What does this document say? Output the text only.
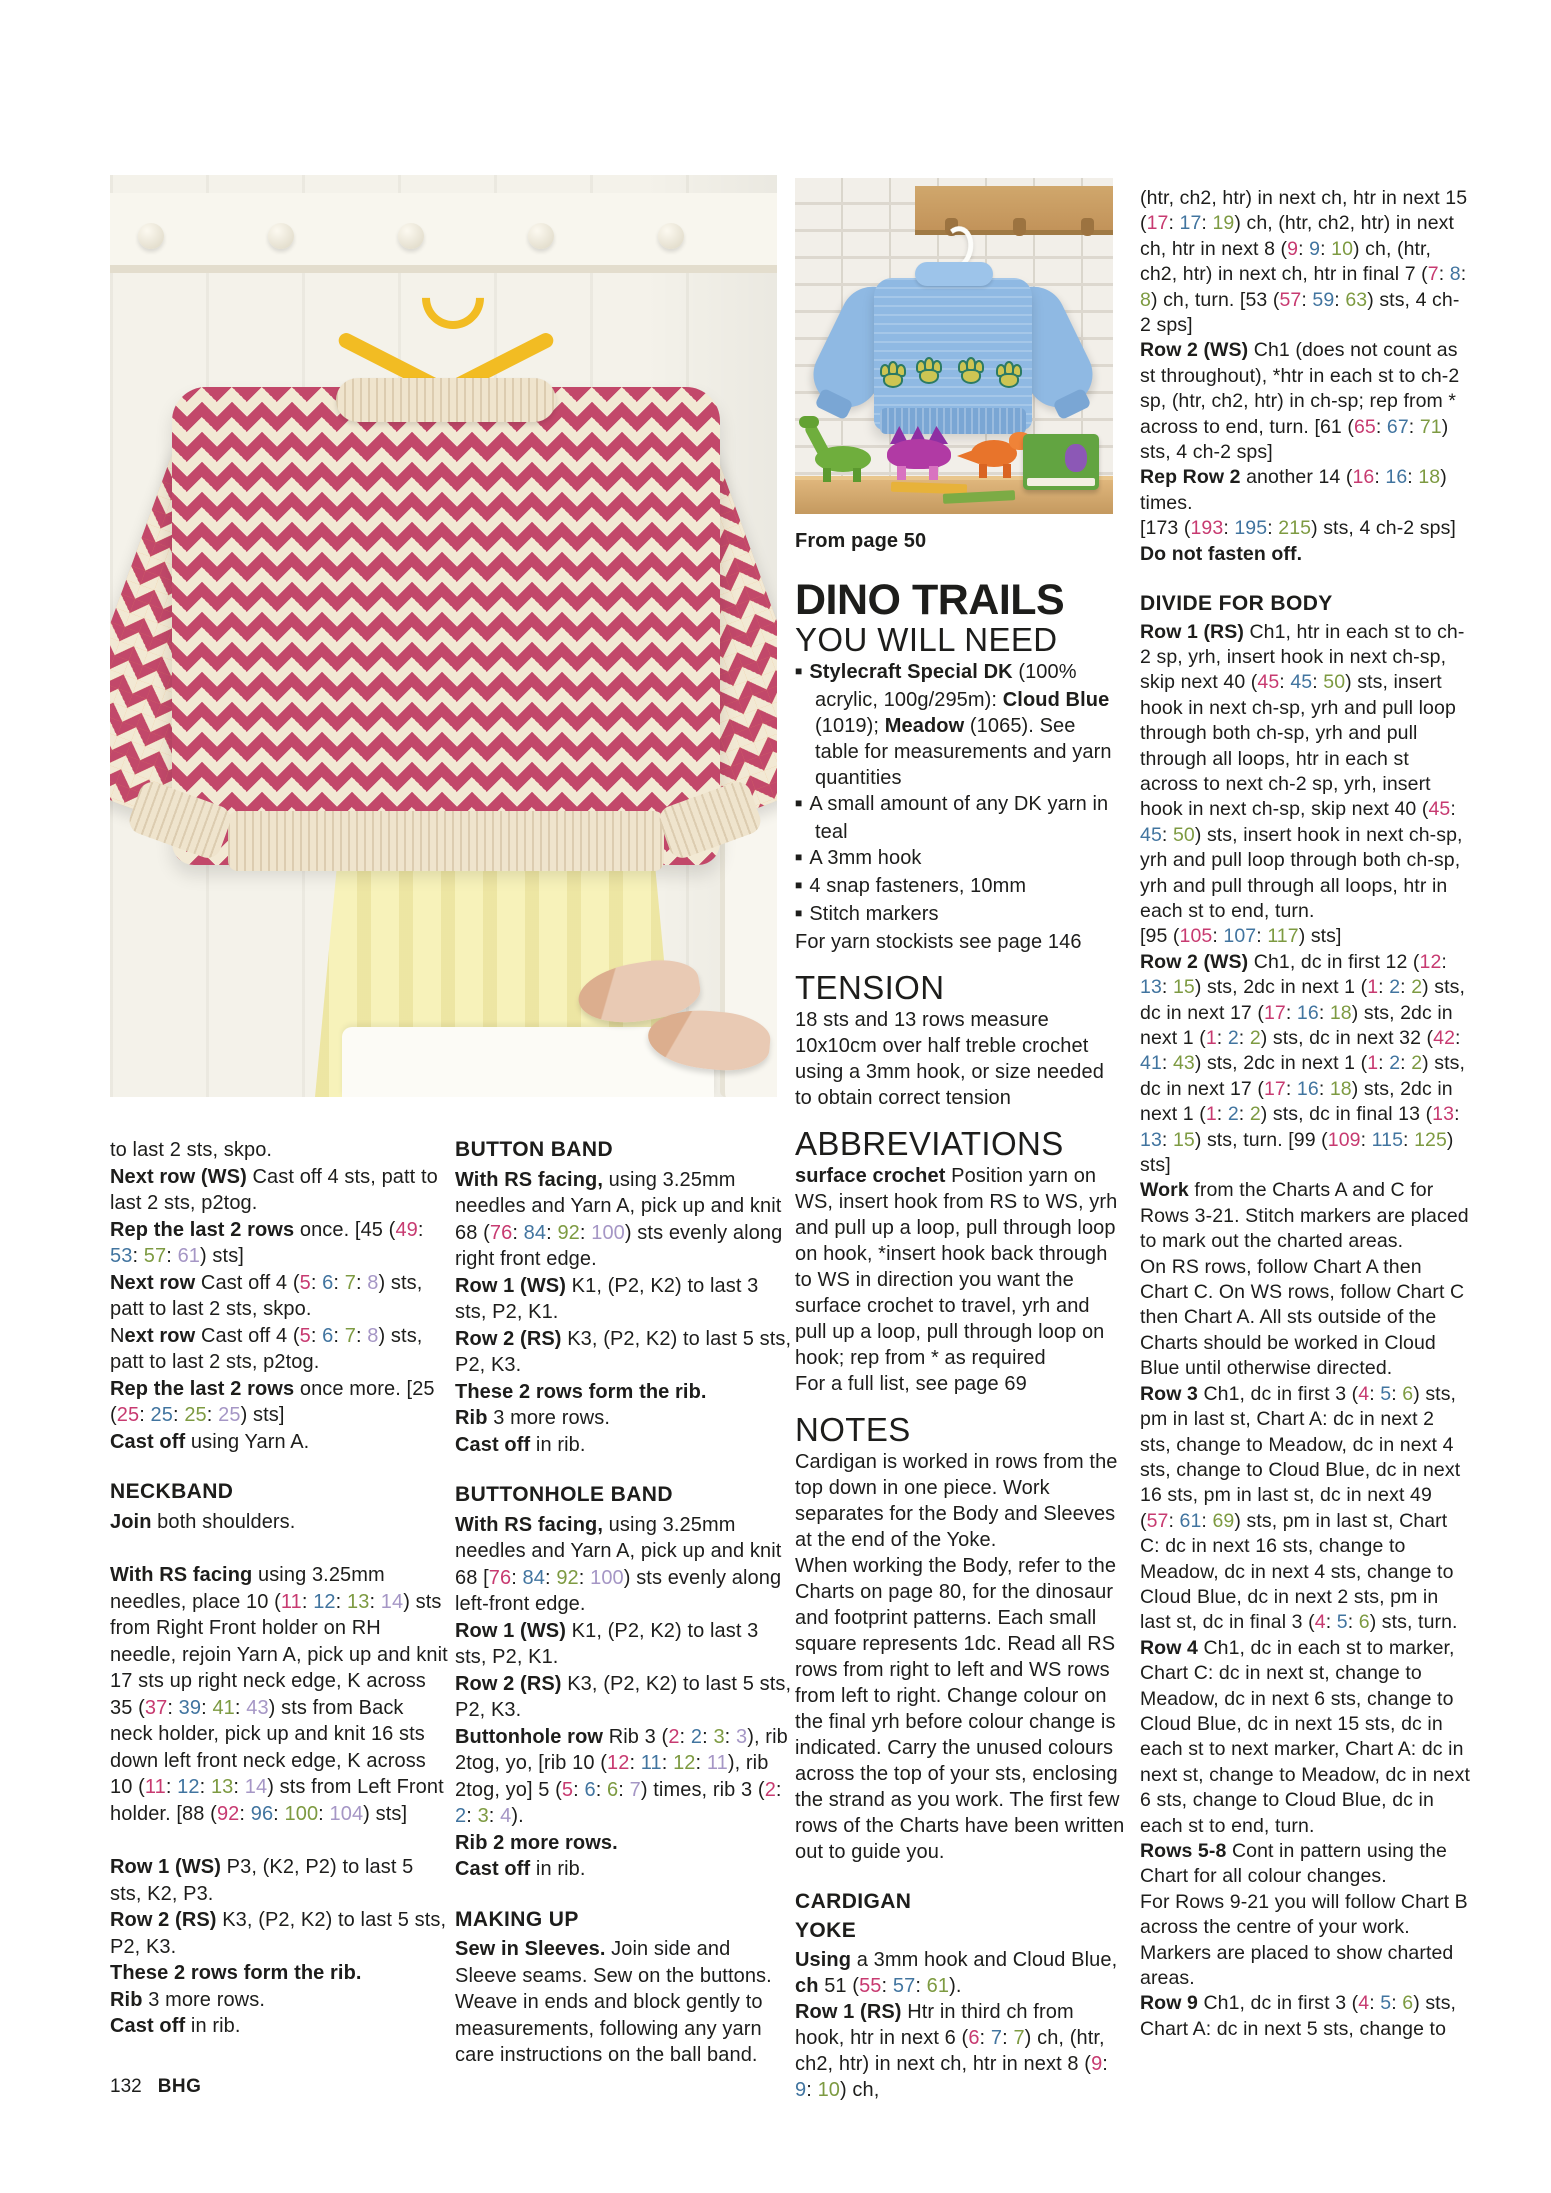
to last 2 sts, skpo.

Next row (WS) Cast off 4 sts, patt to last 2 sts, p2tog.

Rep the last 2 rows once. [45 (49: 53: 57: 61) sts]

Next row Cast off 4 (5: 6: 7: 8) sts, patt to last 2 sts, skpo.

Next row Cast off 4 (5: 6: 7: 8) sts, patt to last 2 sts, p2tog.

Rep the last 2 rows once more. [25 (25: 25: 25: 25) sts]

Cast off using Yarn A.

NECKBAND

Join both shoulders.

With RS facing using 3.25mm needles, place 10 (11: 12: 13: 14) sts from Right Front holder on RH needle, rejoin Yarn A, pick up and knit 17 sts up right neck edge, K across 35 (37: 39: 41: 43) sts from Back neck holder, pick up and knit 16 sts down left front neck edge, K across 10 (11: 12: 13: 14) sts from Left Front holder. [88 (92: 96: 100: 104) sts]

Row 1 (WS) P3, (K2, P2) to last 5 sts, K2, P3.

Row 2 (RS) K3, (P2, K2) to last 5 sts, P2, K3.

These 2 rows form the rib.

Rib 3 more rows.

Cast off in rib.

BUTTON BAND

With RS facing, using 3.25mm needles and Yarn A, pick up and knit 68 (76: 84: 92: 100) sts evenly along right front edge.

Row 1 (WS) K1, (P2, K2) to last 3 sts, P2, K1.

Row 2 (RS) K3, (P2, K2) to last 5 sts, P2, K3.

These 2 rows form the rib.

Rib 3 more rows.

Cast off in rib.

BUTTONHOLE BAND

With RS facing, using 3.25mm needles and Yarn A, pick up and knit 68 [76: 84: 92: 100) sts evenly along left-front edge.

Row 1 (WS) K1, (P2, K2) to last 3 sts, P2, K1.

Row 2 (RS) K3, (P2, K2) to last 5 sts, P2, K3.

Buttonhole row Rib 3 (2: 2: 3: 3), rib 2tog, yo, [rib 10 (12: 11: 12: 11), rib 2tog, yo] 5 (5: 6: 6: 7) times, rib 3 (2: 2: 3: 4).

Rib 2 more rows.

Cast off in rib.

MAKING UP

Sew in Sleeves. Join side and Sleeve seams. Sew on the buttons. Weave in ends and block gently to measurements, following any yarn care instructions on the ball band.

From page 50
DINO TRAILS
YOU WILL NEED

■ Stylecraft Special DK (100% acrylic, 100g/295m): Cloud Blue (1019); Meadow (1065). See table for measurements and yarn quantities

■ A small amount of any DK yarn in teal

■ A 3mm hook

■ 4 snap fasteners, 10mm

■ Stitch markers

For yarn stockists see page 146

TENSION

18 sts and 13 rows measure 10x10cm over half treble crochet using a 3mm hook, or size needed to obtain correct tension

ABBREVIATIONS

surface crochet Position yarn on WS, insert hook from RS to WS, yrh and pull up a loop, pull through loop on hook, *insert hook back through to WS in direction you want the surface crochet to travel, yrh and pull up a loop, pull through loop on hook; rep from * as required

For a full list, see page 69

NOTES

Cardigan is worked in rows from the top down in one piece. Work separates for the Body and Sleeves at the end of the Yoke.

When working the Body, refer to the Charts on page 80, for the dinosaur and footprint patterns. Each small square represents 1dc. Read all RS rows from right to left and WS rows from left to right. Change colour on the final yrh before colour change is indicated. Carry the unused colours across the top of your sts, enclosing the strand as you work. The first few rows of the Charts have been written out to guide you.

CARDIGAN
YOKE

Using a 3mm hook and Cloud Blue, ch 51 (55: 57: 61).

Row 1 (RS) Htr in third ch from hook, htr in next 6 (6: 7: 7) ch, (htr, ch2, htr) in next ch, htr in next 8 (9: 9: 10) ch,

(htr, ch2, htr) in next ch, htr in next 15 (17: 17: 19) ch, (htr, ch2, htr) in next ch, htr in next 8 (9: 9: 10) ch, (htr, ch2, htr) in next ch, htr in final 7 (7: 8: 8) ch, turn. [53 (57: 59: 63) sts, 4 ch-2 sps]

Row 2 (WS) Ch1 (does not count as st throughout), *htr in each st to ch-2 sp, (htr, ch2, htr) in ch-sp; rep from * across to end, turn. [61 (65: 67: 71) sts, 4 ch-2 sps]

Rep Row 2 another 14 (16: 16: 18) times.

[173 (193: 195: 215) sts, 4 ch-2 sps]

Do not fasten off.

DIVIDE FOR BODY

Row 1 (RS) Ch1, htr in each st to ch-2 sp, yrh, insert hook in next ch-sp, skip next 40 (45: 45: 50) sts, insert hook in next ch-sp, yrh and pull loop through both ch-sp, yrh and pull through all loops, htr in each st across to next ch-2 sp, yrh, insert hook in next ch-sp, skip next 40 (45: 45: 50) sts, insert hook in next ch-sp, yrh and pull loop through both ch-sp, yrh and pull through all loops, htr in each st to end, turn.

[95 (105: 107: 117) sts]

Row 2 (WS) Ch1, dc in first 12 (12: 13: 15) sts, 2dc in next 1 (1: 2: 2) sts, dc in next 17 (17: 16: 18) sts, 2dc in next 1 (1: 2: 2) sts, dc in next 32 (42: 41: 43) sts, 2dc in next 1 (1: 2: 2) sts, dc in next 17 (17: 16: 18) sts, 2dc in next 1 (1: 2: 2) sts, dc in final 13 (13: 13: 15) sts, turn. [99 (109: 115: 125) sts]

Work from the Charts A and C for Rows 3-21. Stitch markers are placed to mark out the charted areas.

On RS rows, follow Chart A then Chart C. On WS rows, follow Chart C then Chart A. All sts outside of the Charts should be worked in Cloud Blue until otherwise directed.

Row 3 Ch1, dc in first 3 (4: 5: 6) sts, pm in last st, Chart A: dc in next 2 sts, change to Meadow, dc in next 4 sts, change to Cloud Blue, dc in next 16 sts, pm in last st, dc in next 49 (57: 61: 69) sts, pm in last st, Chart C: dc in next 16 sts, change to Meadow, dc in next 4 sts, change to Cloud Blue, dc in next 2 sts, pm in last st, dc in final 3 (4: 5: 6) sts, turn.

Row 4 Ch1, dc in each st to marker, Chart C: dc in next st, change to Meadow, dc in next 6 sts, change to Cloud Blue, dc in next 15 sts, dc in each st to next marker, Chart A: dc in next st, change to Meadow, dc in next 6 sts, change to Cloud Blue, dc in each st to end, turn.

Rows 5-8 Cont in pattern using the Chart for all colour changes.

For Rows 9-21 you will follow Chart B across the centre of your work. Markers are placed to show charted areas.

Row 9 Ch1, dc in first 3 (4: 5: 6) sts, Chart A: dc in next 5 sts, change to

132 BHG
